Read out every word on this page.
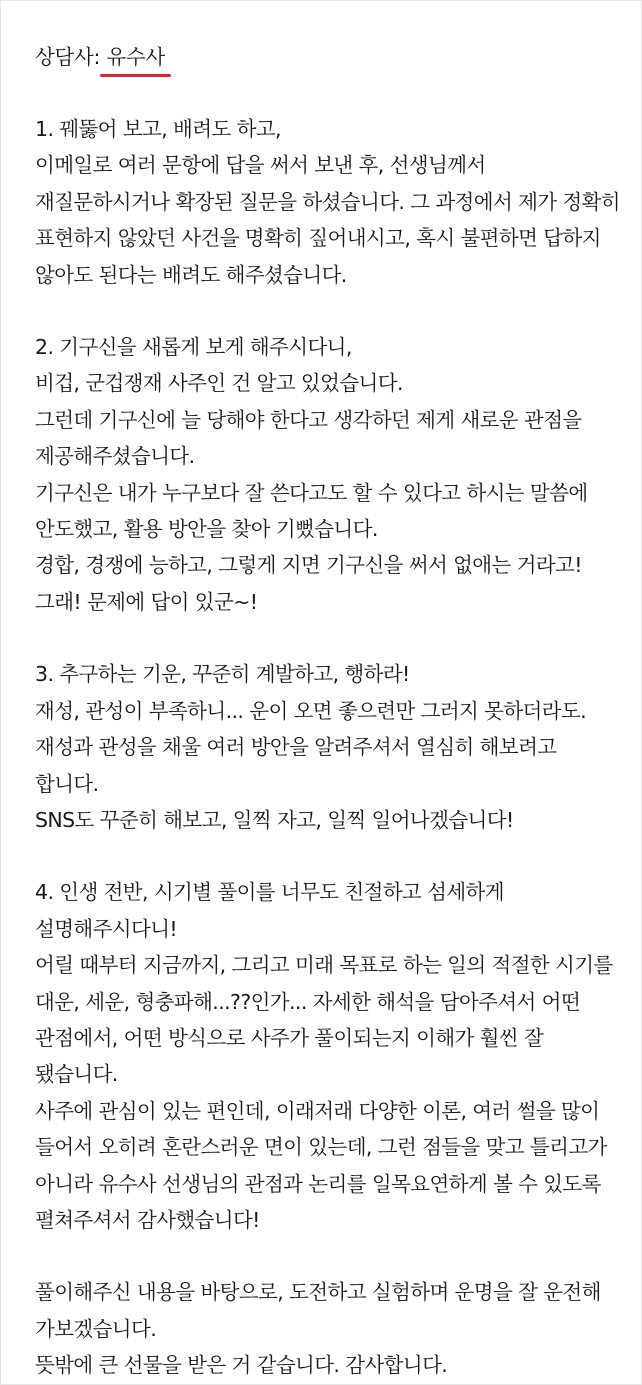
상담사: 유수사

1. 꿰뚫어 보고, 배려도 하고,

이메일로 여러 문항에 답을 써서 보낸 후, 선생님께서 재질문하시거나 확장된 질문을 하셨습니다. 그 과정에서 제가 정확히 표현하지 않았던 사건을 명확히 짚어내시고, 혹시 불편하면 답하지 않아도 된다는 배려도 해주셨습니다.

2. 기구신을 새롭게 보게 해주시다니,

비겁, 군겁쟁재 사주인 건 알고 있었습니다.

그런데 기구신에 늘 당해야 한다고 생각하던 제게 새로운 관점을 제공해주셨습니다.

기구신은 내가 누구보다 잘 쓴다고도 할 수 있다고 하시는 말씀에 안도했고, 활용 방안을 찾아 기뻤습니다.

경합, 경쟁에 능하고, 그렇게 지면 기구신을 써서 없애는 거라고! 그래! 문제에 답이 있군~!

3. 추구하는 기운, 꾸준히 계발하고, 행하라!

재성, 관성이 부족하니... 운이 오면 좋으련만 그러지 못하더라도.

재성과 관성을 채울 여러 방안을 알려주셔서 열심히 해보려고 합니다.

SNS도 꾸준히 해보고, 일찍 자고, 일찍 일어나겠습니다!

4. 인생 전반, 시기별 풀이를 너무도 친절하고 섬세하게 설명해주시다니!

어릴 때부터 지금까지, 그리고 미래 목표로 하는 일의 적절한 시기를

대운, 세운, 형충파해...??인가... 자세한 해석을 담아주셔서 어떤 관점에서, 어떤 방식으로 사주가 풀이되는지 이해가 훨씬 잘 됐습니다.

사주에 관심이 있는 편인데, 이래저래 다양한 이론, 여러 썰을 많이 들어서 오히려 혼란스러운 면이 있는데, 그런 점들을 맞고 틀리고가 아니라 유수사 선생님의 관점과 논리를 일목요연하게 볼 수 있도록 펼쳐주셔서 감사했습니다!

풀이해주신 내용을 바탕으로, 도전하고 실험하며 운명을 잘 운전해 가보겠습니다.

뜻밖에 큰 선물을 받은 거 같습니다. 감사합니다.
